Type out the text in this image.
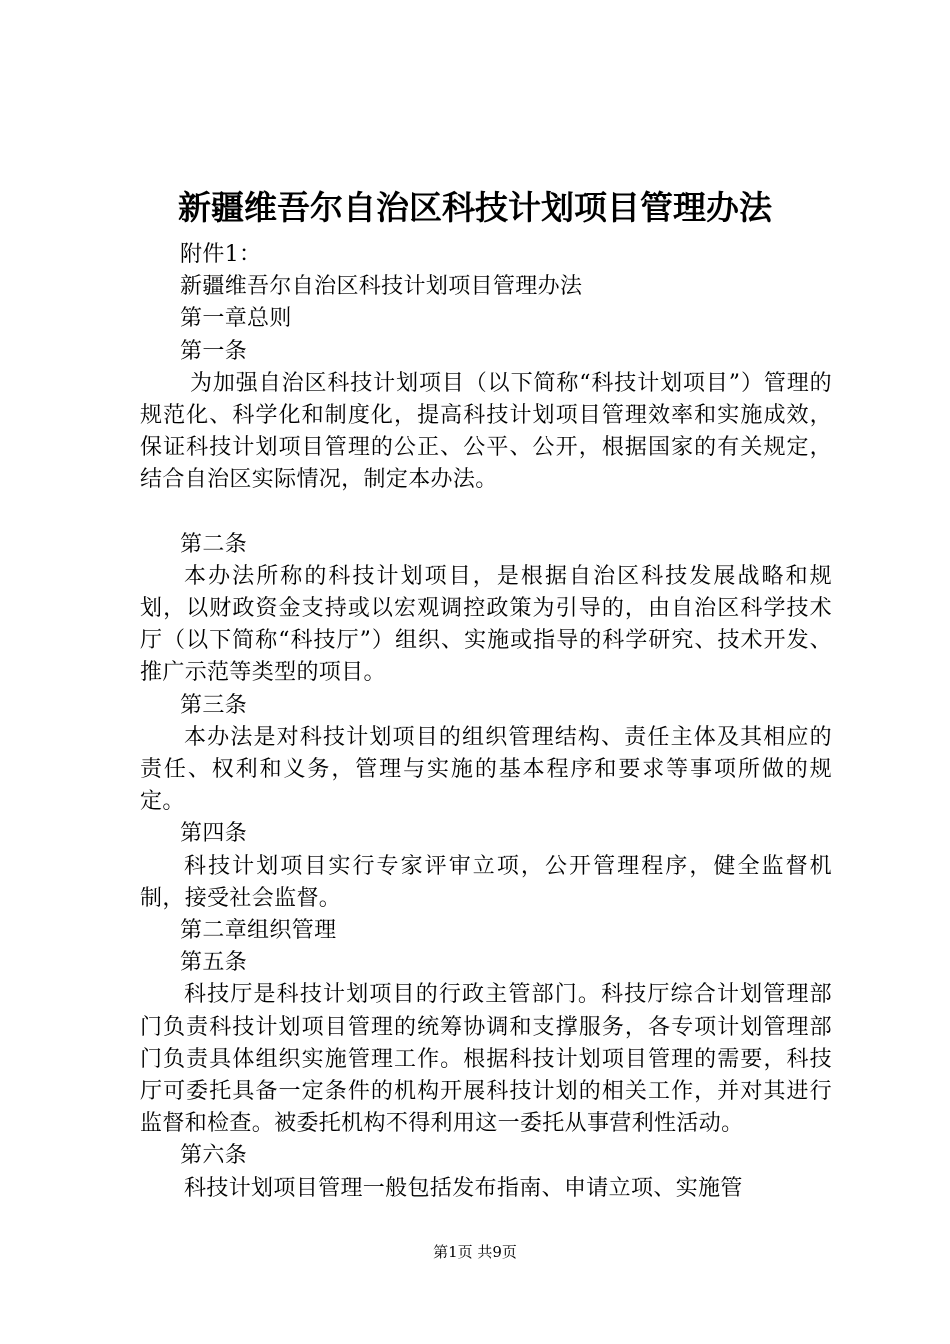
新疆维吾尔自治区科技计划项目管理办法
附件1：
新疆维吾尔自治区科技计划项目管理办法
第一章总则
第一条

为加强自治区科技计划项目（以下简称“科技计划项目”）管理的规范化、科学化和制度化，提高科技计划项目管理效率和实施成效，保证科技计划项目管理的公正、公平、公开，根据国家的有关规定，结合自治区实际情况，制定本办法。

第二条

本办法所称的科技计划项目，是根据自治区科技发展战略和规划，以财政资金支持或以宏观调控政策为引导的，由自治区科学技术厅（以下简称“科技厅”）组织、实施或指导的科学研究、技术开发、推广示范等类型的项目。

第三条

本办法是对科技计划项目的组织管理结构、责任主体及其相应的责任、权利和义务，管理与实施的基本程序和要求等事项所做的规定。

第四条

科技计划项目实行专家评审立项，公开管理程序，健全监督机制，接受社会监督。

第二章组织管理
第五条

科技厅是科技计划项目的行政主管部门。科技厅综合计划管理部门负责科技计划项目管理的统筹协调和支撑服务，各专项计划管理部门负责具体组织实施管理工作。根据科技计划项目管理的需要，科技厅可委托具备一定条件的机构开展科技计划的相关工作，并对其进行监督和检查。被委托机构不得利用这一委托从事营利性活动。

第六条

科技计划项目管理一般包括发布指南、申请立项、实施管

第1页 共9页
